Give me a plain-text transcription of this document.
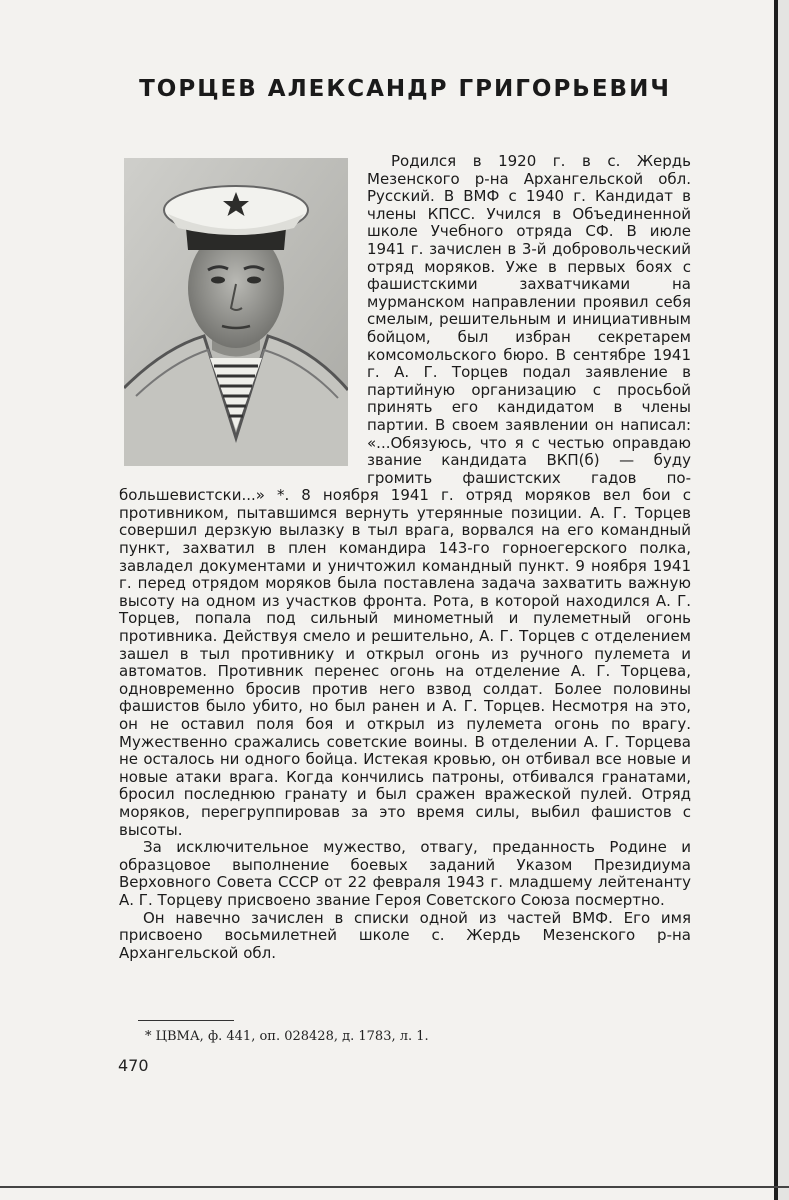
ТОРЦЕВ АЛЕКСАНДР ГРИГОРЬЕВИЧ

Родился в 1920 г. в с. Жердь Мезенского р-на Архангельской обл. Русский. В ВМФ с 1940 г. Кандидат в члены КПСС. Учился в Объединенной школе Учебного отряда СФ. В июле 1941 г. зачислен в 3-й добровольческий отряд моряков. Уже в первых боях с фашистскими захватчиками на мурманском направлении проявил себя смелым, решительным и инициативным бойцом, был избран секретарем комсомольского бюро. В сентябре 1941 г. А. Г. Торцев подал заявление в партийную организацию с просьбой принять его кандидатом в члены партии. В своем заявлении он написал: «...Обязуюсь, что я с честью оправдаю звание кандидата ВКП(б) — буду громить фашистских гадов по-большевистски...» *. 8 ноября 1941 г. отряд моряков вел бои с противником, пытавшимся вернуть утерянные позиции. А. Г. Торцев совершил дерзкую вылазку в тыл врага, ворвался на его командный пункт, захватил в плен командира 143-го горноегерского полка, завладел документами и уничтожил командный пункт. 9 ноября 1941 г. перед отрядом моряков была поставлена задача захватить важную высоту на одном из участков фронта. Рота, в которой находился А. Г. Торцев, попала под сильный минометный и пулеметный огонь противника. Действуя смело и решительно, А. Г. Торцев с отделением зашел в тыл противнику и открыл огонь из ручного пулемета и автоматов. Противник перенес огонь на отделение А. Г. Торцева, одновременно бросив против него взвод солдат. Более половины фашистов было убито, но был ранен и А. Г. Торцев. Несмотря на это, он не оставил поля боя и открыл из пулемета огонь по врагу. Мужественно сражались советские воины. В отделении А. Г. Торцева не осталось ни одного бойца. Истекая кровью, он отбивал все новые и новые атаки врага. Когда кончились патроны, отбивался гранатами, бросил последнюю гранату и был сражен вражеской пулей. Отряд моряков, перегруппировав за это время силы, выбил фашистов с высоты.

За исключительное мужество, отвагу, преданность Родине и образцовое выполнение боевых заданий Указом Президиума Верховного Совета СССР от 22 февраля 1943 г. младшему лейтенанту А. Г. Торцеву присвоено звание Героя Советского Союза посмертно.

Он навечно зачислен в списки одной из частей ВМФ. Его имя присвоено восьмилетней школе с. Жердь Мезенского р-на Архангельской обл.

* ЦВМА, ф. 441, оп. 028428, д. 1783, л. 1.
470
